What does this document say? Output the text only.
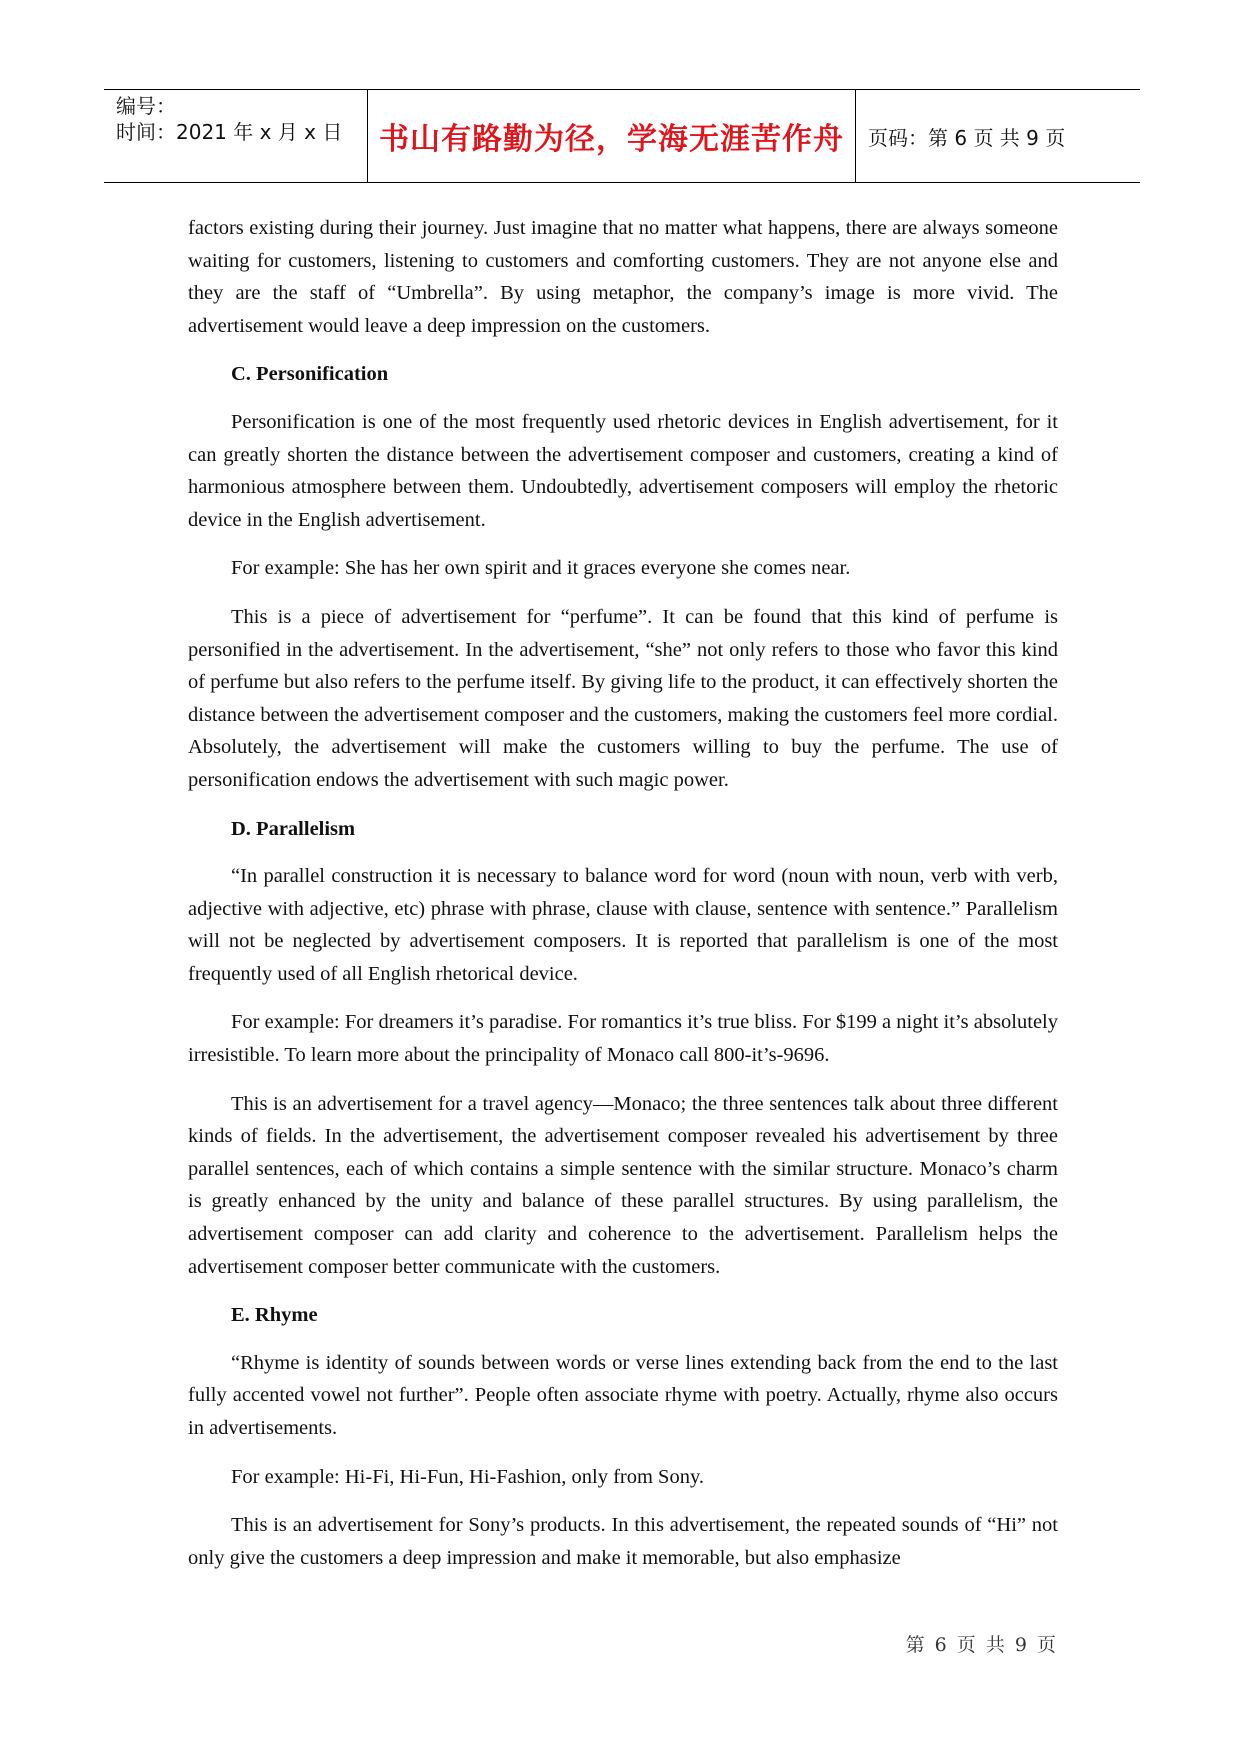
编号：
时间：2021 年 x 月 x 日 书山有路勤为径，学海无涯苦作舟 页码：第 6 页 共 9 页

factors existing during their journey. Just imagine that no matter what happens, there are always someone waiting for customers, listening to customers and comforting customers. They are not anyone else and they are the staff of “Umbrella”. By using metaphor, the company’s image is more vivid. The advertisement would leave a deep impression on the customers.

C. Personification

Personification is one of the most frequently used rhetoric devices in English advertisement, for it can greatly shorten the distance between the advertisement composer and customers, creating a kind of harmonious atmosphere between them. Undoubtedly, advertisement composers will employ the rhetoric device in the English advertisement.

For example: She has her own spirit and it graces everyone she comes near.

This is a piece of advertisement for “perfume”. It can be found that this kind of perfume is personified in the advertisement. In the advertisement, “she” not only refers to those who favor this kind of perfume but also refers to the perfume itself. By giving life to the product, it can effectively shorten the distance between the advertisement composer and the customers, making the customers feel more cordial. Absolutely, the advertisement will make the customers willing to buy the perfume. The use of personification endows the advertisement with such magic power.

D. Parallelism

“In parallel construction it is necessary to balance word for word (noun with noun, verb with verb, adjective with adjective, etc) phrase with phrase, clause with clause, sentence with sentence.” Parallelism will not be neglected by advertisement composers. It is reported that parallelism is one of the most frequently used of all English rhetorical device.

For example: For dreamers it’s paradise. For romantics it’s true bliss. For $199 a night it’s absolutely irresistible. To learn more about the principality of Monaco call 800-it’s-9696.

This is an advertisement for a travel agency—Monaco; the three sentences talk about three different kinds of fields. In the advertisement, the advertisement composer revealed his advertisement by three parallel sentences, each of which contains a simple sentence with the similar structure. Monaco’s charm is greatly enhanced by the unity and balance of these parallel structures. By using parallelism, the advertisement composer can add clarity and coherence to the advertisement. Parallelism helps the advertisement composer better communicate with the customers.

E. Rhyme

“Rhyme is identity of sounds between words or verse lines extending back from the end to the last fully accented vowel not further”. People often associate rhyme with poetry. Actually, rhyme also occurs in advertisements.

For example: Hi-Fi, Hi-Fun, Hi-Fashion, only from Sony.

This is an advertisement for Sony’s products. In this advertisement, the repeated sounds of “Hi” not only give the customers a deep impression and make it memorable, but also emphasize

第 6 页 共 9 页
